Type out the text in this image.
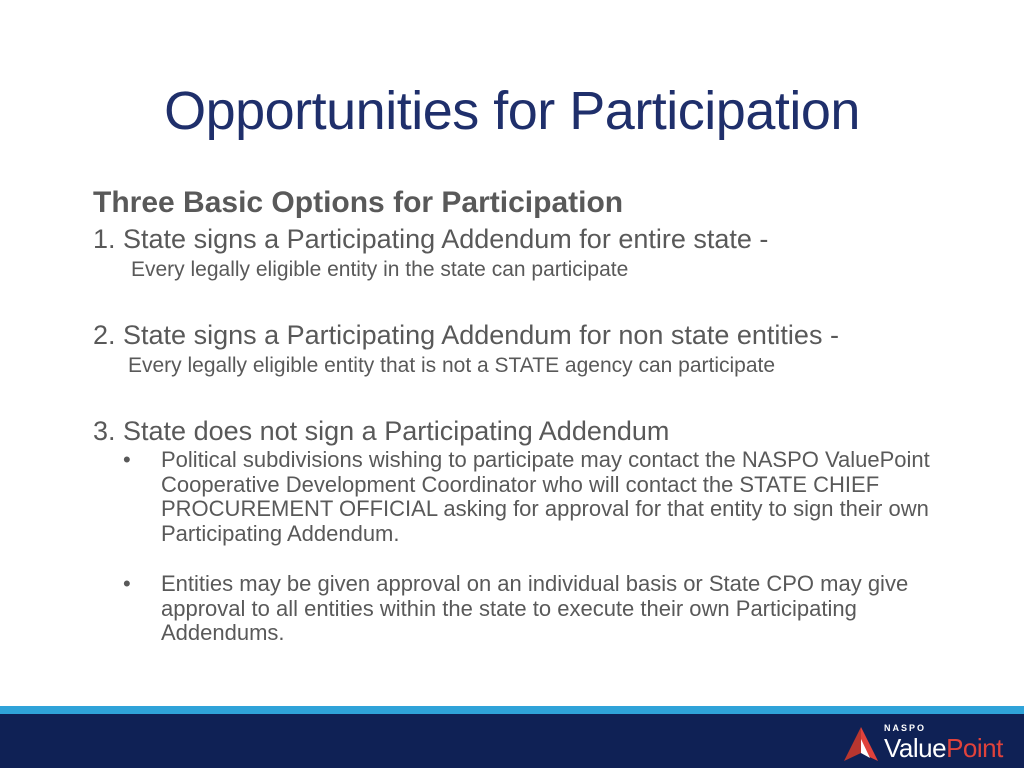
Opportunities for Participation

Three Basic Options for Participation

1. State signs a Participating Addendum for entire state -

Every legally eligible entity in the state can participate

2. State signs a Participating Addendum for non state entities -

Every legally eligible entity that is not a STATE agency can participate

3. State does not sign a Participating Addendum

• Political subdivisions wishing to participate may contact the NASPO ValuePoint Cooperative Development Coordinator who will contact the STATE CHIEF PROCUREMENT OFFICIAL asking for approval for that entity to sign their own Participating Addendum.
• Entities may be given approval on an individual basis or State CPO may give approval to all entities within the state to execute their own Participating Addendums.
NASPO
ValuePoint
